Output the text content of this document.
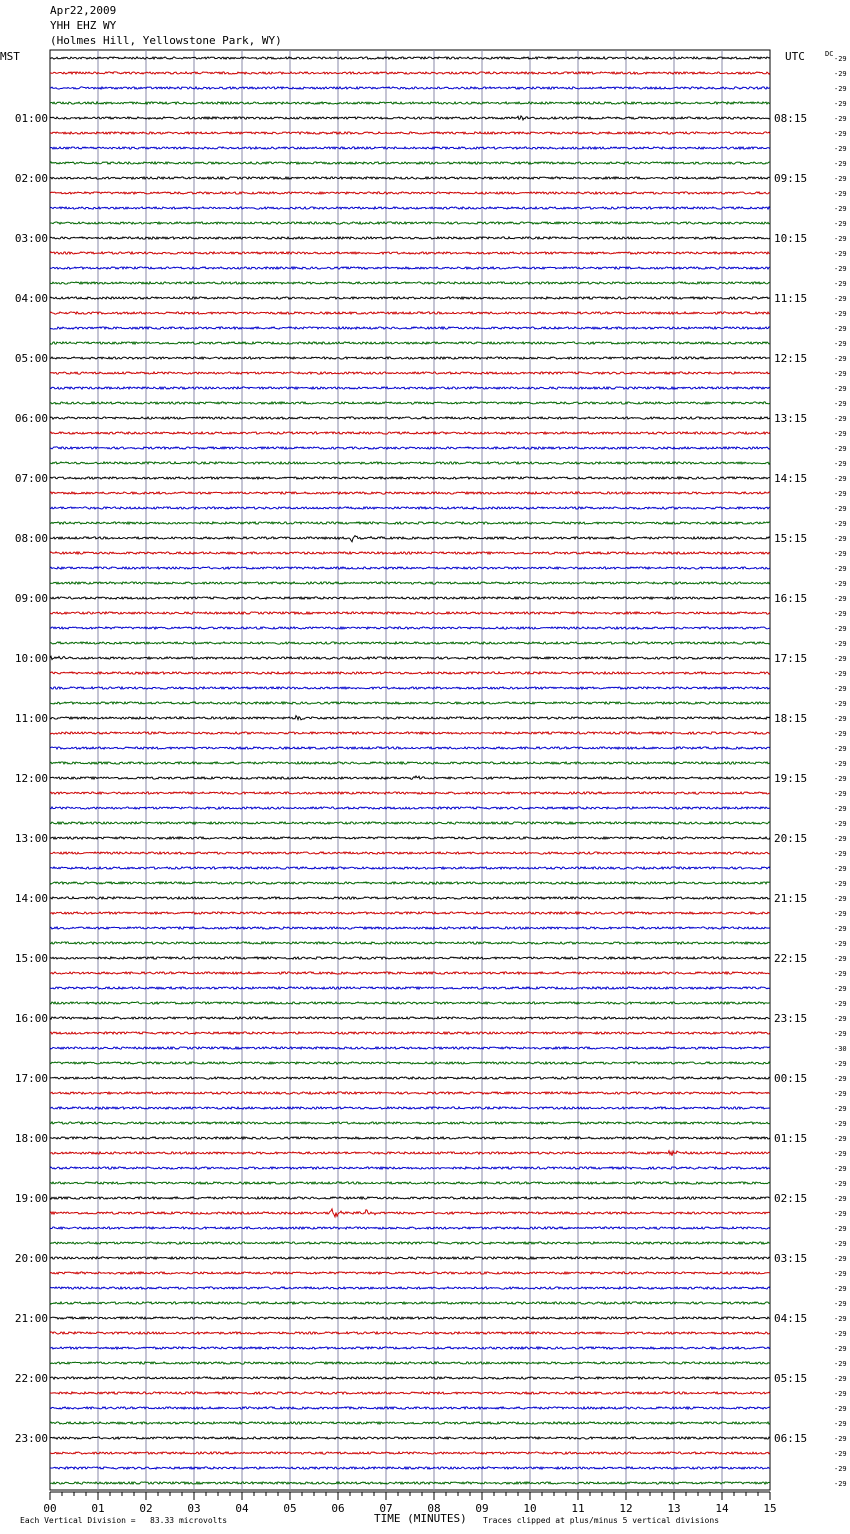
Apr22,2009
YHH EHZ WY
(Holmes Hill, Yellowstone Park, WY)
MST	UTC	DC
-29
-29
-29
-29
-29
-29
-29
-29
-29
-29
-29
-29
-29
-29
-29
-29
-29
-29
-29
-29
-29
-29
-29
-29
-29
-29
-29
-29
-29
-29
-29
-29
-29
-29
-29
-29
-29
-29
-29
-29
-29
-29
-29
-29
-29
-29
-29
-29
-29
-29
-29
-29
-29
-29
-29
-29
-29
-29
-29
-29
-29
-29
-29
-29
-29
-29
-30
-29
-29
-29
-29
-29
-29
-29
-29
-29
-29
-29
-29
-29
-29
-29
-29
-29
-29
-29
-29
-29
-29
-29
-29
-29
-29
-29
-29
-29
01:00
02:00
03:00
04:00
05:00
06:00
07:00
08:00
09:00
10:00
11:00
12:00
13:00
14:00
15:00
16:00
17:00
18:00
19:00
20:00
21:00
22:00
23:00
08:15
09:15
10:15
11:15
12:15
13:15
14:15
15:15
16:15
17:15
18:15
19:15
20:15
21:15
22:15
23:15
00:15
01:15
02:15
03:15
04:15
05:15
06:15
00	01	02	03	04	05	06	07	08	09	10	11	12	13	14	15
Each Vertical Division =   83.33 microvolts	TIME (MINUTES) Traces clipped at plus/minus 5 vertical divisions
